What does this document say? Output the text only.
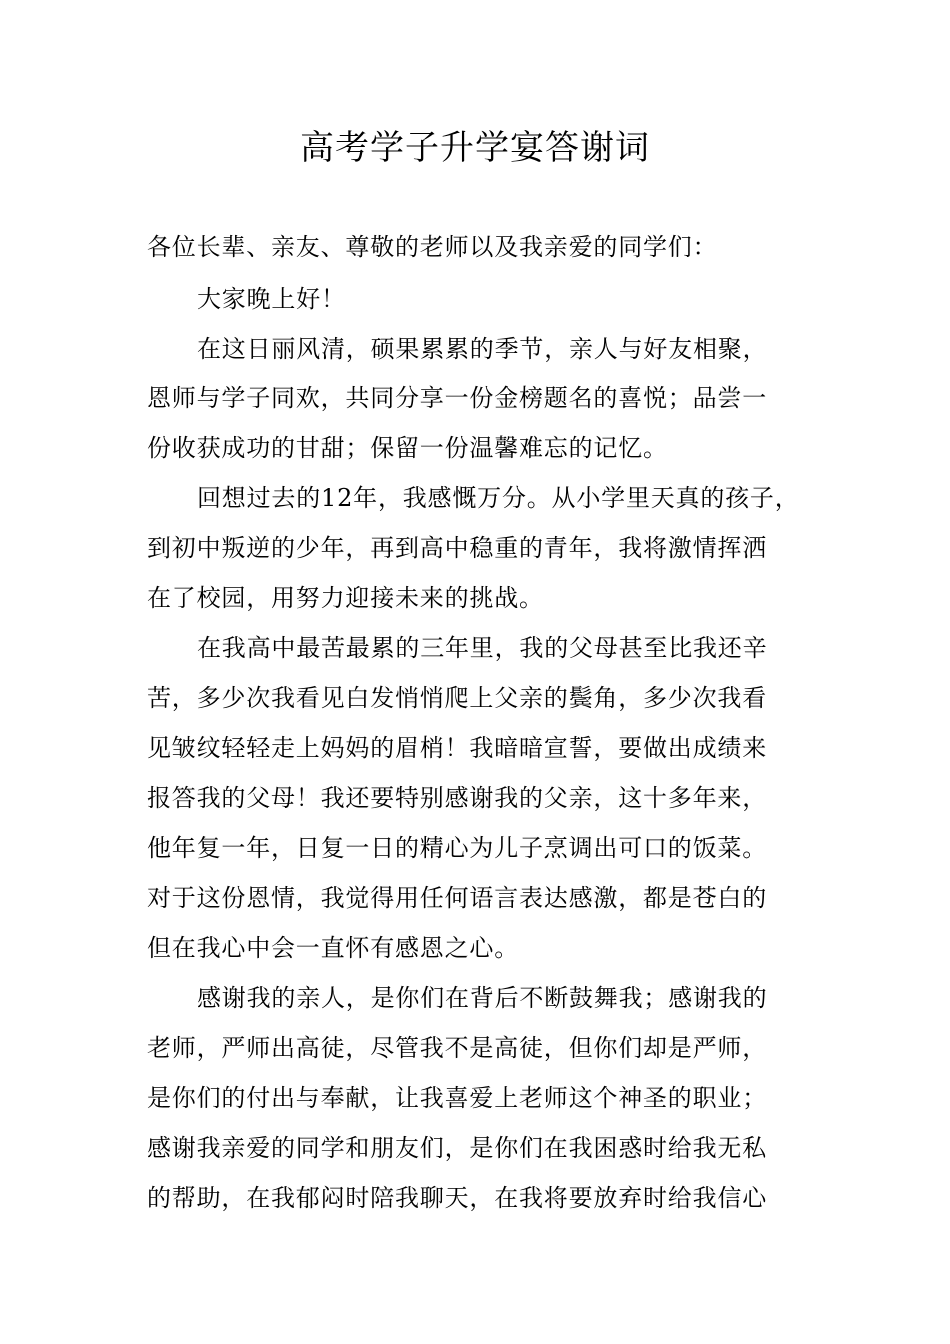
高考学子升学宴答谢词
各位长辈、亲友、尊敬的老师以及我亲爱的同学们：
大家晚上好！
在这日丽风清，硕果累累的季节，亲人与好友相聚，
恩师与学子同欢，共同分享一份金榜题名的喜悦；品尝一
份收获成功的甘甜；保留一份温馨难忘的记忆。
回想过去的12年，我感慨万分。从小学里天真的孩子，
到初中叛逆的少年，再到高中稳重的青年，我将激情挥洒
在了校园，用努力迎接未来的挑战。
在我高中最苦最累的三年里，我的父母甚至比我还辛
苦，多少次我看见白发悄悄爬上父亲的鬓角，多少次我看
见皱纹轻轻走上妈妈的眉梢！我暗暗宣誓，要做出成绩来
报答我的父母！我还要特别感谢我的父亲，这十多年来，
他年复一年，日复一日的精心为儿子烹调出可口的饭菜。
对于这份恩情，我觉得用任何语言表达感激，都是苍白的
但在我心中会一直怀有感恩之心。
感谢我的亲人，是你们在背后不断鼓舞我；感谢我的
老师，严师出高徒，尽管我不是高徒，但你们却是严师，
是你们的付出与奉献，让我喜爱上老师这个神圣的职业；
感谢我亲爱的同学和朋友们，是你们在我困惑时给我无私
的帮助，在我郁闷时陪我聊天，在我将要放弃时给我信心
